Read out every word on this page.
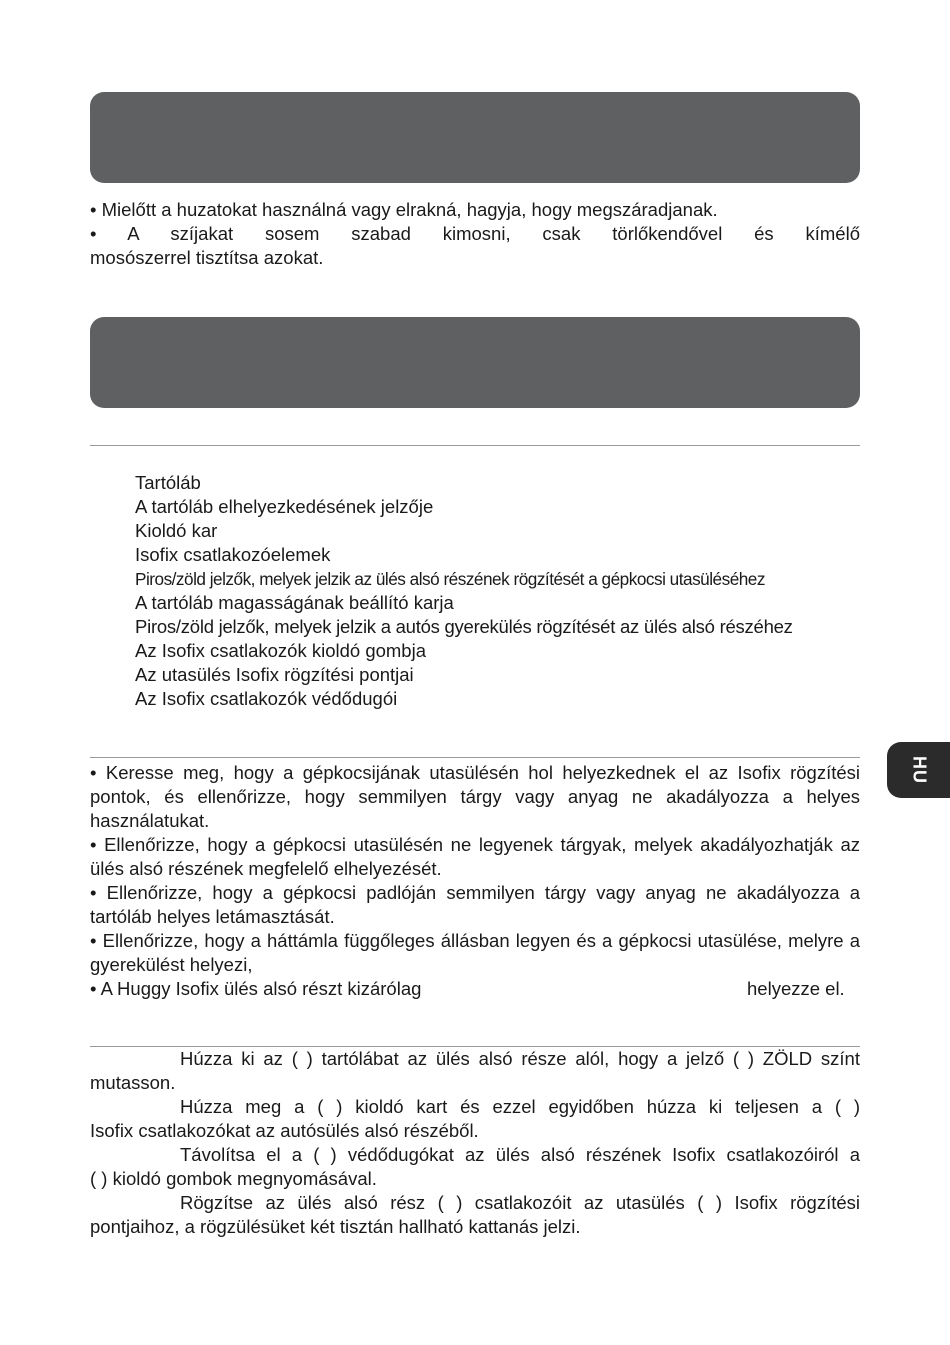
• Mielőtt a huzatokat használná vagy elrakná, hagyja, hogy megszáradjanak.
• A szíjakat sosem szabad kimosni, csak törlőkendővel és kímélő
mosószerrel tisztítsa azokat.
Tartóláb
A tartóláb elhelyezkedésének jelzője
Kioldó kar
Isofix csatlakozóelemek
Piros/zöld jelzők, melyek jelzik az ülés alsó részének rögzítését a gépkocsi utasüléséhez
A tartóláb magasságának beállító karja
Piros/zöld jelzők, melyek jelzik a autós gyerekülés rögzítését az ülés alsó részéhez
Az Isofix csatlakozók kioldó gombja
Az utasülés Isofix rögzítési pontjai
Az Isofix csatlakozók védődugói
• Keresse meg, hogy a gépkocsijának utasülésén hol helyezkednek el az Isofix rögzítési pontok, és ellenőrizze, hogy semmilyen tárgy vagy anyag ne akadályozza a helyes használatukat.
• Ellenőrizze, hogy a gépkocsi utasülésén ne legyenek tárgyak, melyek akadályozhatják az ülés alsó részének megfelelő elhelyezését.
• Ellenőrizze, hogy a gépkocsi padlóján semmilyen tárgy vagy anyag ne akadályozza a tartóláb helyes letámasztását.
• Ellenőrizze, hogy a háttámla függőleges állásban legyen és a gépkocsi utasülése, melyre a gyerekülést helyezi,
• A Huggy Isofix ülés alsó részt kizárólag	helyezze el.
Húzza ki az ( ) tartólábat az ülés alsó része alól, hogy a jelző ( ) ZÖLD színt
mutasson.
Húzza meg a ( ) kioldó kart és ezzel egyidőben húzza ki teljesen a ( )
Isofix csatlakozókat az autósülés alsó részéből.
Távolítsa el a ( ) védődugókat az ülés alsó részének Isofix csatlakozóiról a
( ) kioldó gombok megnyomásával.
Rögzítse az ülés alsó rész ( ) csatlakozóit az utasülés ( ) Isofix rögzítési
pontjaihoz, a rögzülésüket két tisztán hallható kattanás jelzi.
HU
